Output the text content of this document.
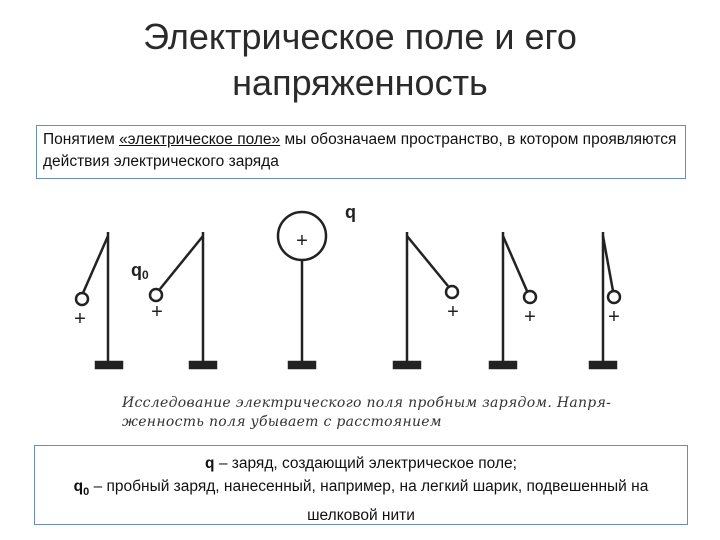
Электрическое поле и его
напряженность
Понятием «электрическое поле» мы обозначаем пространство, в котором проявляются действия электрического заряда
+
+	+	+	+	+
q
q0
Исследование электрического поля пробным зарядом. Напря-
женность поля убывает с расстоянием
q – заряд, создающий электрическое поле;
$q_0$ – пробный заряд, нанесенный, например, на легкий шарик, подвешенный на шелковой нити
